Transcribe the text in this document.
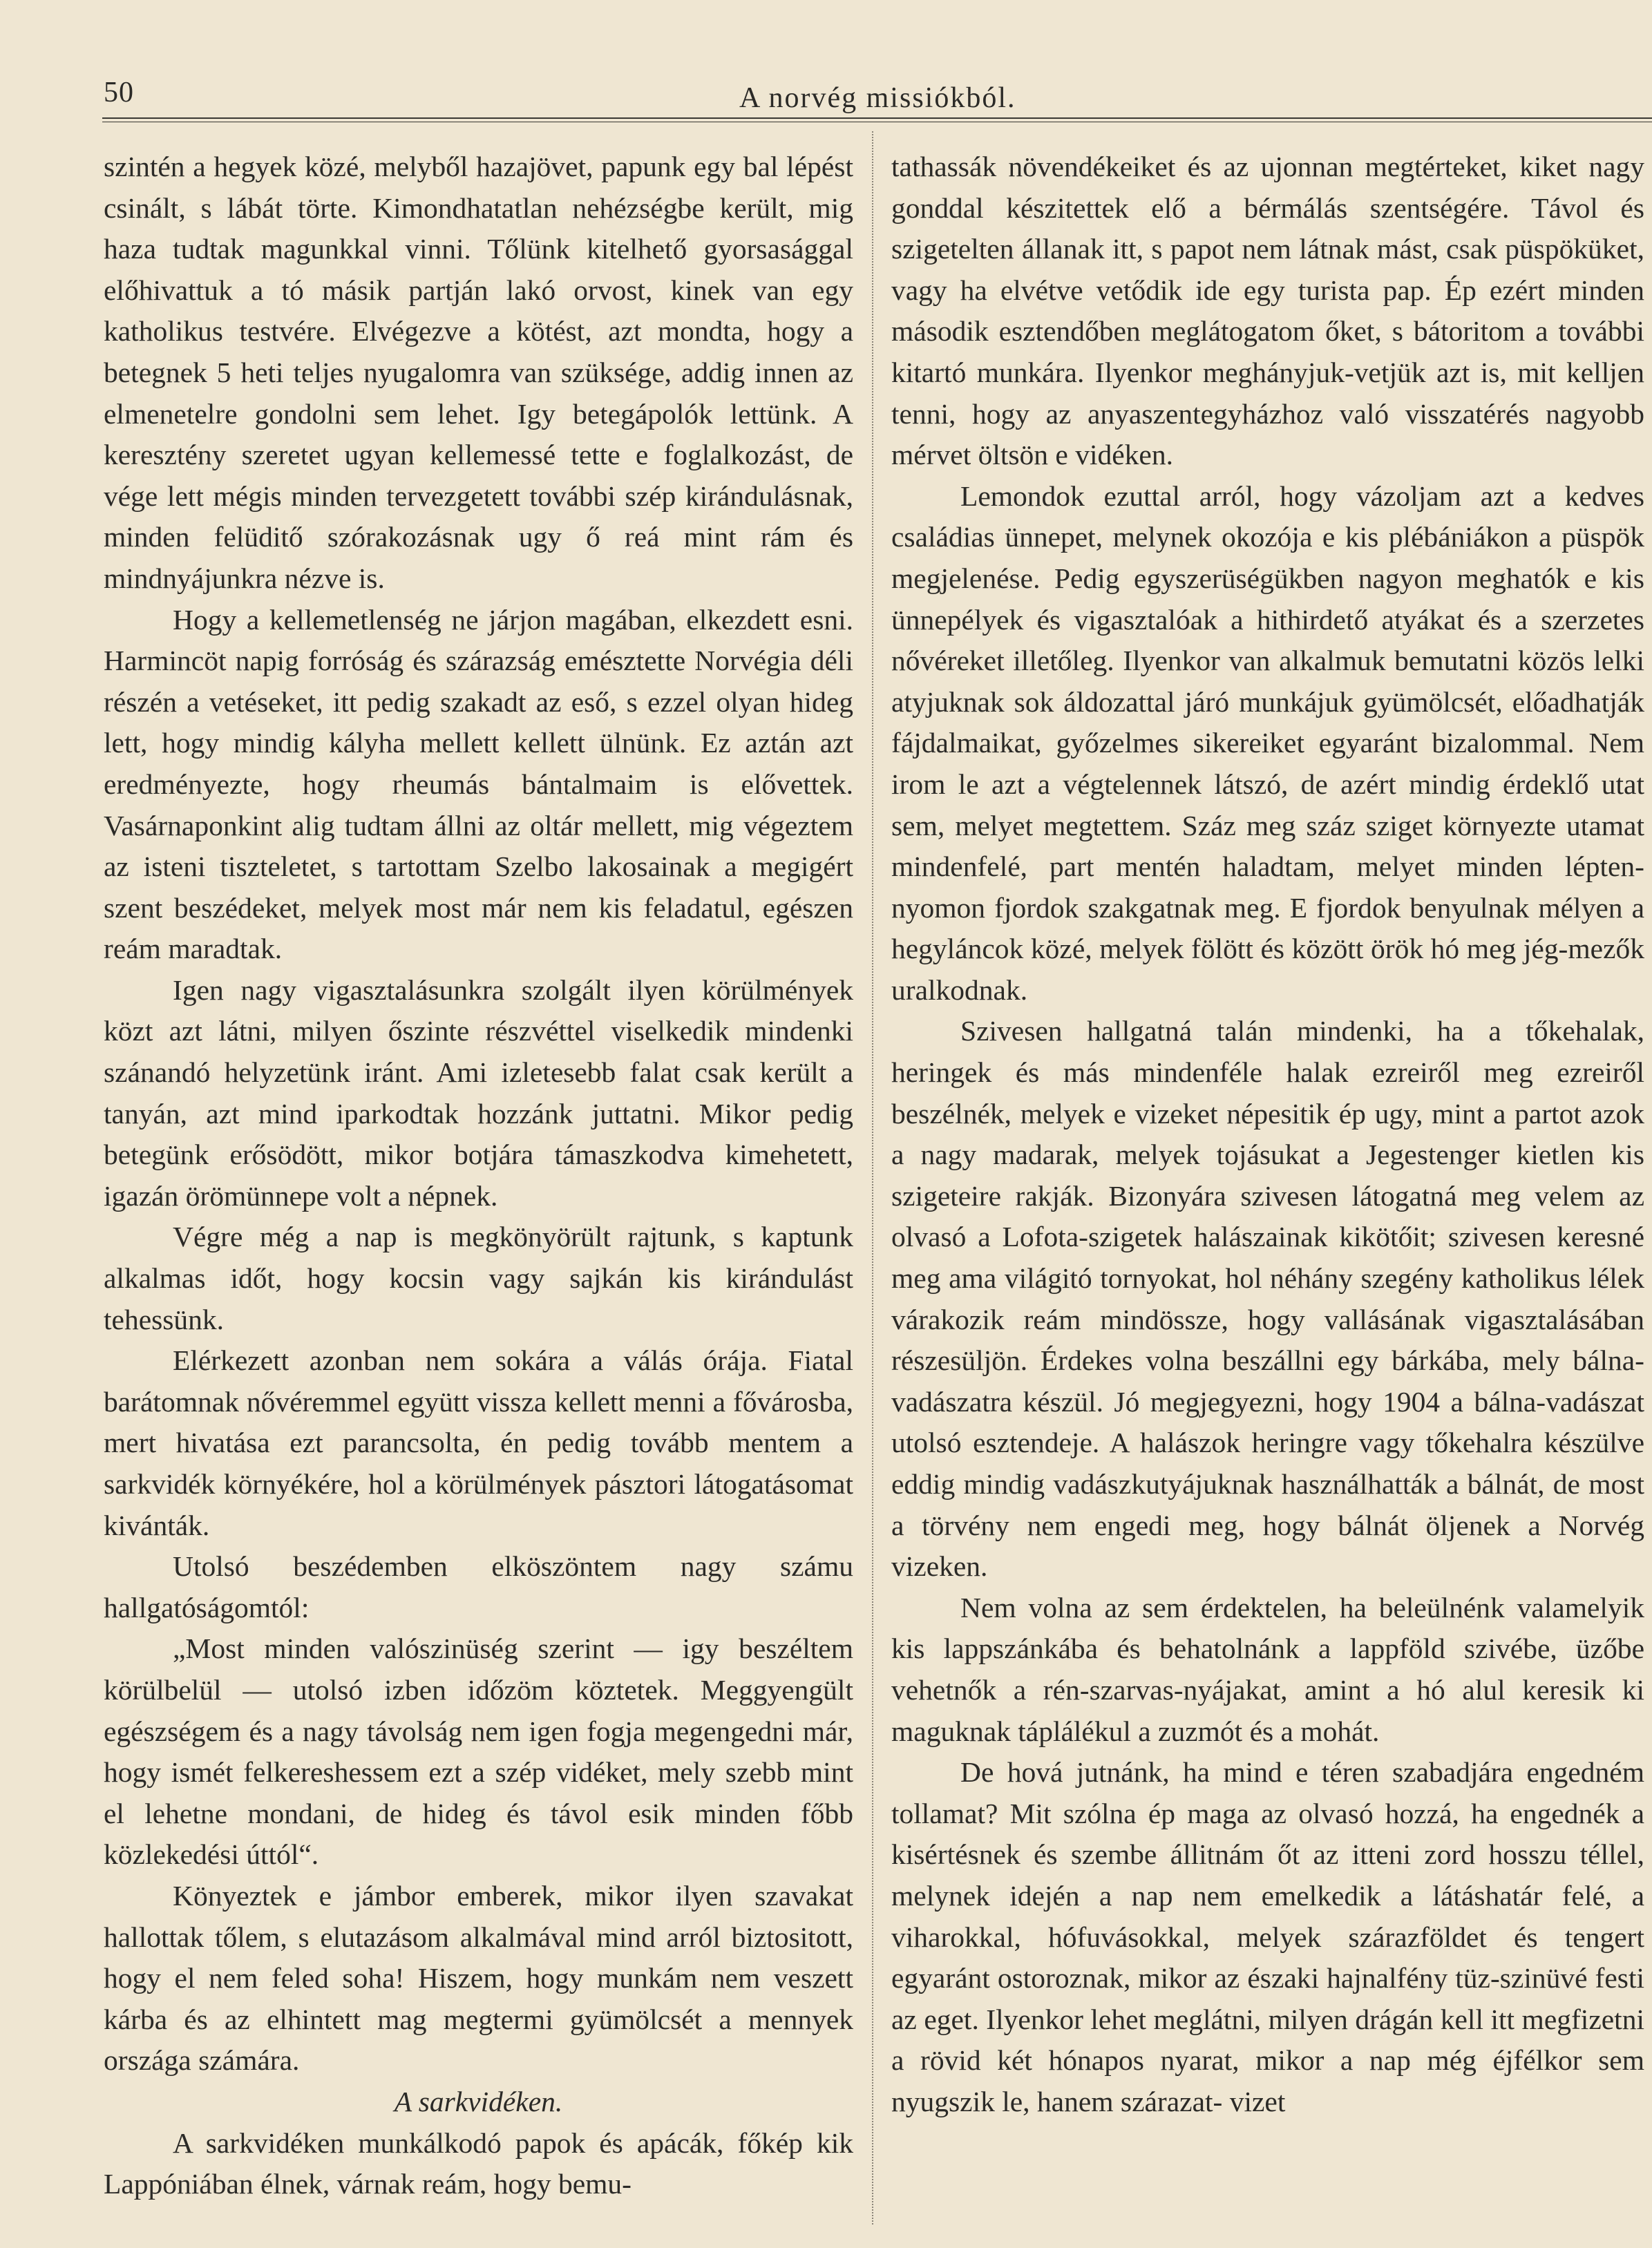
50	A norvég missiókból.

szintén a hegyek közé, melyből hazajövet, papunk egy bal lépést csinált, s lábát törte. Kimondhatatlan nehézségbe került, mig haza tudtak magunkkal vinni. Tőlünk kitelhető gyorsasággal előhivattuk a tó másik partján lakó orvost, kinek van egy katholikus testvére. Elvégezve a kötést, azt mondta, hogy a betegnek 5 heti teljes nyugalomra van szüksége, addig innen az elmenetelre gondolni sem lehet. Igy betegápolók lettünk. A keresztény szeretet ugyan kellemessé tette e foglalkozást, de vége lett mégis minden tervezgetett további szép kirándulásnak, minden felüditő szórakozásnak ugy ő reá mint rám és mindnyájunkra nézve is.

Hogy a kellemetlenség ne járjon magában, elkezdett esni. Harmincöt napig forróság és szárazság emésztette Norvégia déli részén a vetéseket, itt pedig szakadt az eső, s ezzel olyan hideg lett, hogy mindig kályha mellett kellett ülnünk. Ez aztán azt eredményezte, hogy rheumás bántalmaim is elővettek. Vasárnaponkint alig tudtam állni az oltár mellett, mig végeztem az isteni tiszteletet, s tartottam Szelbo lakosainak a megigért szent beszédeket, melyek most már nem kis feladatul, egészen reám maradtak.

Igen nagy vigasztalásunkra szolgált ilyen körülmények közt azt látni, milyen őszinte részvéttel viselkedik mindenki szánandó helyzetünk iránt. Ami izletesebb falat csak került a tanyán, azt mind iparkodtak hozzánk juttatni. Mikor pedig betegünk erősödött, mikor botjára támaszkodva kimehetett, igazán örömünnepe volt a népnek.

Végre még a nap is megkönyörült rajtunk, s kaptunk alkalmas időt, hogy kocsin vagy sajkán kis kirándulást tehessünk.

Elérkezett azonban nem sokára a válás órája. Fiatal barátomnak nővéremmel együtt vissza kellett menni a fővárosba, mert hivatása ezt parancsolta, én pedig tovább mentem a sarkvidék környékére, hol a körülmények pásztori látogatásomat kivánták.

Utolsó beszédemben elköszöntem nagy számu hallgatóságomtól:

„Most minden valószinüség szerint — igy beszéltem körülbelül — utolsó izben időzöm köztetek. Meggyengült egészségem és a nagy távolság nem igen fogja megengedni már, hogy ismét felkereshessem ezt a szép vidéket, mely szebb mint el lehetne mondani, de hideg és távol esik minden főbb közlekedési úttól“.

Könyeztek e jámbor emberek, mikor ilyen szavakat hallottak tőlem, s elutazásom alkalmával mind arról biztositott, hogy el nem feled soha! Hiszem, hogy munkám nem veszett kárba és az elhintett mag megtermi gyümölcsét a mennyek országa számára.

A sarkvidéken.

A sarkvidéken munkálkodó papok és apácák, főkép kik Lappóniában élnek, várnak reám, hogy bemu-

tathassák növendékeiket és az ujonnan megtérteket, kiket nagy gonddal készitettek elő a bérmálás szentségére. Távol és szigetelten állanak itt, s papot nem látnak mást, csak püspöküket, vagy ha elvétve vetődik ide egy turista pap. Ép ezért minden második esztendőben meglátogatom őket, s bátoritom a további kitartó munkára. Ilyenkor meghányjuk-vetjük azt is, mit kelljen tenni, hogy az anyaszentegyházhoz való visszatérés nagyobb mérvet öltsön e vidéken.

Lemondok ezuttal arról, hogy vázoljam azt a kedves családias ünnepet, melynek okozója e kis plébániákon a püspök megjelenése. Pedig egyszerüségükben nagyon meghatók e kis ünnepélyek és vigasztalóak a hithirdető atyákat és a szerzetes nővéreket illetőleg. Ilyenkor van alkalmuk bemutatni közös lelki atyjuknak sok áldozattal járó munkájuk gyümölcsét, előadhatják fájdalmaikat, győzelmes sikereiket egyaránt bizalommal. Nem irom le azt a végtelennek látszó, de azért mindig érdeklő utat sem, melyet megtettem. Száz meg száz sziget környezte utamat mindenfelé, part mentén haladtam, melyet minden lépten-nyomon fjordok szakgatnak meg. E fjordok benyulnak mélyen a hegyláncok közé, melyek fölött és között örök hó meg jég-mezők uralkodnak.

Szivesen hallgatná talán mindenki, ha a tőkehalak, heringek és más mindenféle halak ezreiről meg ezreiről beszélnék, melyek e vizeket népesitik ép ugy, mint a partot azok a nagy madarak, melyek tojásukat a Jegestenger kietlen kis szigeteire rakják. Bizonyára szivesen látogatná meg velem az olvasó a Lofota-szigetek halászainak kikötőit; szivesen keresné meg ama világitó tornyokat, hol néhány szegény katholikus lélek várakozik reám mindössze, hogy vallásának vigasztalásában részesüljön. Érdekes volna beszállni egy bárkába, mely bálna-vadászatra készül. Jó megjegyezni, hogy 1904 a bálna-vadászat utolsó esztendeje. A halászok heringre vagy tőkehalra készülve eddig mindig vadászkutyájuknak használhatták a bálnát, de most a törvény nem engedi meg, hogy bálnát öljenek a Norvég vizeken.

Nem volna az sem érdektelen, ha beleülnénk valamelyik kis lappszánkába és behatolnánk a lappföld szivébe, üzőbe vehetnők a rén-szarvas-nyájakat, amint a hó alul keresik ki maguknak táplálékul a zuzmót és a mohát.

De hová jutnánk, ha mind e téren szabadjára engedném tollamat? Mit szólna ép maga az olvasó hozzá, ha engednék a kisértésnek és szembe állitnám őt az itteni zord hosszu téllel, melynek idején a nap nem emelkedik a látáshatár felé, a viharokkal, hófuvásokkal, melyek szárazföldet és tengert egyaránt ostoroznak, mikor az északi hajnalfény tüz-szinüvé festi az eget. Ilyenkor lehet meglátni, milyen drágán kell itt megfizetni a rövid két hónapos nyarat, mikor a nap még éjfélkor sem nyugszik le, hanem szárazat- vizet
